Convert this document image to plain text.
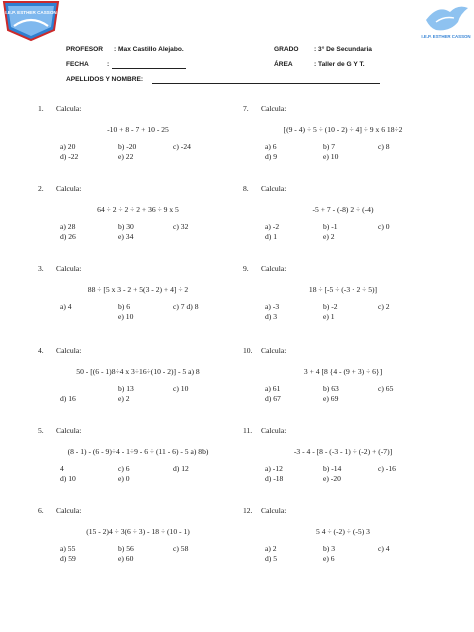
I.E.P. ESTHER CASSON
I.E.P. ESTHER CASSON
PROFESOR : Max Castillo Alejabo.	GRADO : 3° De Secundaria
FECHA	:	ÁREA	: Taller de G Y T.
APELLIDOS Y NOMBRE:
1. Calcula:
-10 + 8 - 7 + 10 - 25
a) 20	b) -20	c) -24
d) -22	e) 22
2. Calcula:
64 ÷ 2 ÷ 2 ÷ 2 + 36 ÷ 9 x 5
a) 28	b) 30	c) 32
d) 26	e) 34
3. Calcula:
88 ÷ [5 x 3 - 2 + 5(3 - 2) + 4] ÷ 2
a) 4	b) 6	c) 7 d) 8
e) 10
4. Calcula:
50 - [(6 - 1)8÷4 x 3÷16÷(10 - 2)] - 5 a) 8
b) 13	c) 10
d) 16	e) 2
5. Calcula:
(8 - 1) - (6 - 9)÷4 - 1÷9 - 6 ÷ (11 - 6) - 5 a) 8b)
4	c) 6	d) 12
d) 10	e) 0
6. Calcula:
(15 - 2)4 ÷ 3(6 ÷ 3) - 18 ÷ (10 - 1)
a) 55	b) 56	c) 58
d) 59	e) 60
7. Calcula:
[(9 - 4) ÷ 5 ÷ (10 - 2) ÷ 4] ÷ 9 x 6 18÷2
a) 6	b) 7	c) 8
d) 9	e) 10
8. Calcula:
-5 + 7 - (-8) 2 ÷ (-4)
a) -2	b) -1	c) 0
d) 1	e) 2
9. Calcula:
18 ÷ [-5 ÷ (-3 · 2 ÷ 5)]
a) -3	b) -2	c) 2
d) 3	e) 1
10. Calcula:
3 + 4 [8 {4 - (9 + 3) ÷ 6}]
a) 61	b) 63	c) 65
d) 67	e) 69
11. Calcula:
-3 - 4 - [8 - (-3 - 1) ÷ (-2) + (-7)]
a) -12	b) -14	c) -16
d) -18	e) -20
12. Calcula:
5 4 ÷ (-2) ÷ (-5) 3
a) 2	b) 3	c) 4
d) 5	e) 6
